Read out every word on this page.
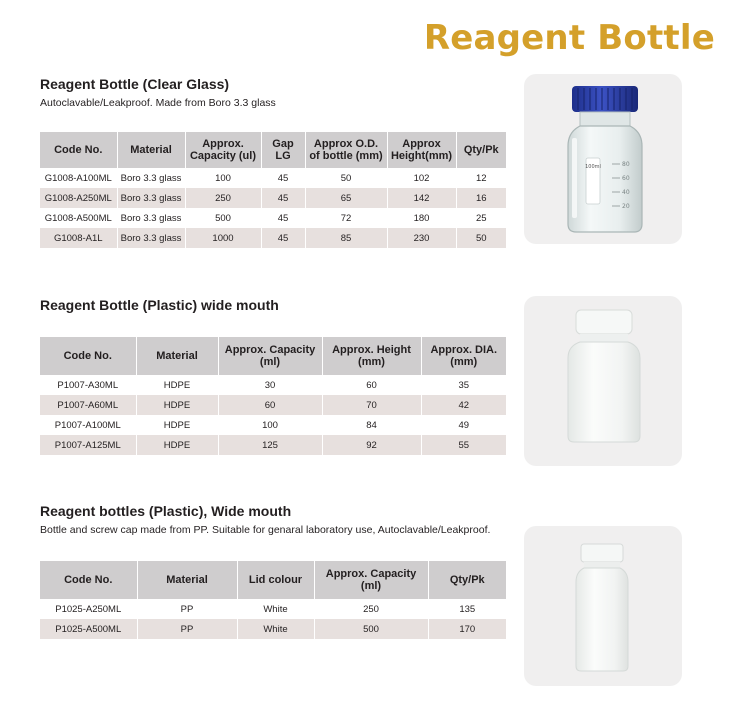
Reagent Bottle
Reagent Bottle (Clear Glass)
Autoclavable/Leakproof. Made from Boro 3.3 glass
Code No.	Material	Approx. Capacity (ul)	Gap LG	Approx O.D. of bottle (mm)	Approx Height(mm)	Qty/Pk
G1008-A100ML	Boro 3.3 glass	100	45	50	102	12
G1008-A250ML	Boro 3.3 glass	250	45	65	142	16
G1008-A500ML	Boro 3.3 glass	500	45	72	180	25
G1008-A1L	Boro 3.3 glass	1000	45	85	230	50
100ml	80
60
40
20
Reagent Bottle (Plastic) wide mouth
Code No.	Material	Approx. Capacity (ml)	Approx. Height (mm)	Approx. DIA. (mm)
P1007-A30ML	HDPE	30	60	35
P1007-A60ML	HDPE	60	70	42
P1007-A100ML	HDPE	100	84	49
P1007-A125ML	HDPE	125	92	55
Reagent bottles (Plastic), Wide mouth
Bottle and screw cap made from PP. Suitable for genaral laboratory use, Autoclavable/Leakproof.
Code No.	Material	Lid colour	Approx. Capacity (ml)	Qty/Pk
P1025-A250ML	PP	White	250	135
P1025-A500ML	PP	White	500	170
